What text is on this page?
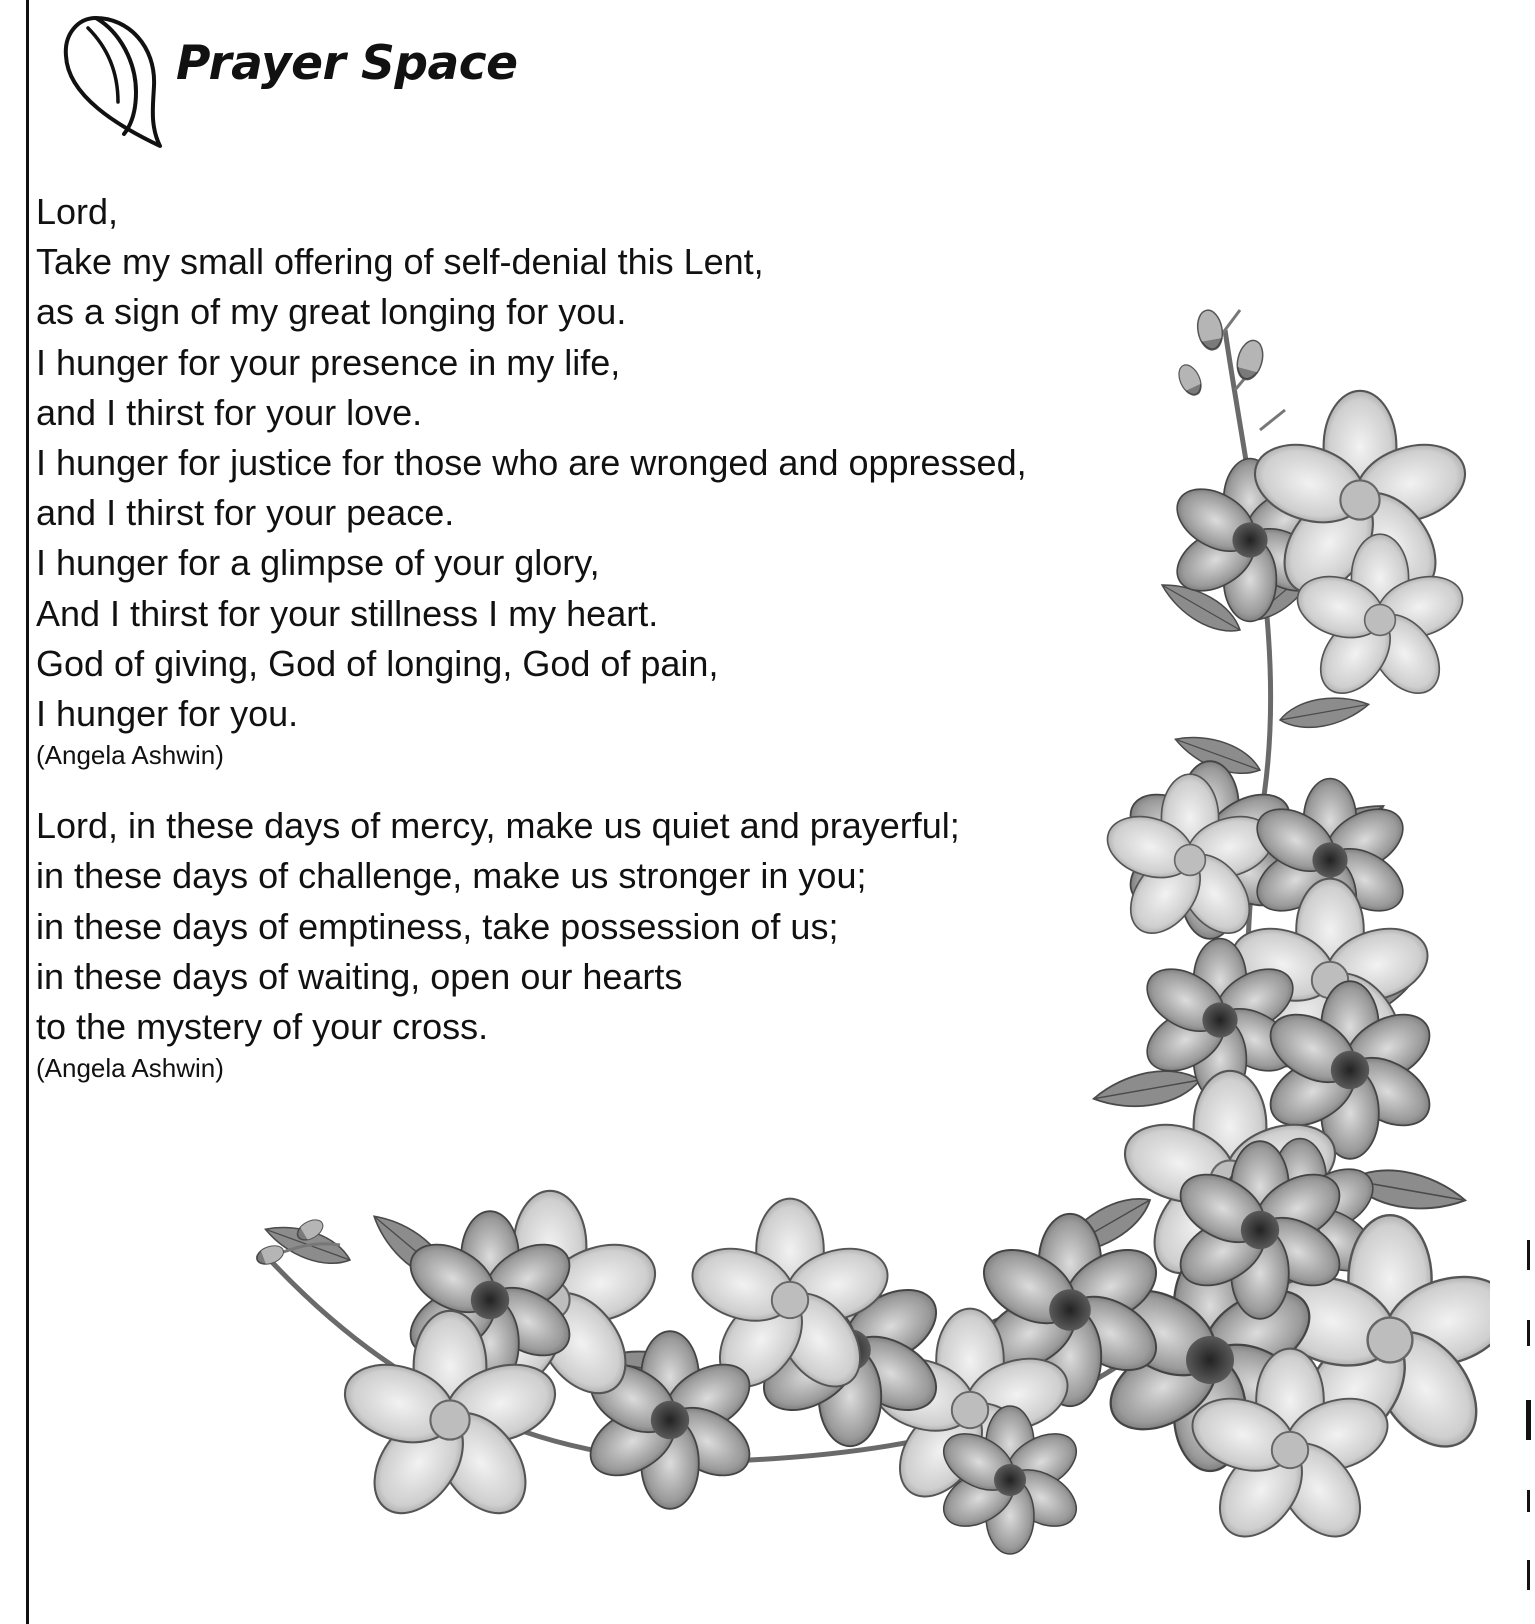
Prayer Space
Lord,
Take my small offering of self-denial this Lent,
as a sign of my great longing for you.
I hunger for your presence in my life,
and I thirst for your love.
I hunger for justice for those who are wronged and oppressed,
and I thirst for your peace.
I hunger for a glimpse of your glory,
And I thirst for your stillness I my heart.
God of giving, God of longing, God of pain,
I hunger for you.
(Angela Ashwin)
Lord, in these days of mercy, make us quiet and prayerful;
in these days of challenge, make us stronger in you;
in these days of emptiness, take possession of us;
in these days of waiting, open our hearts
to the mystery of your cross.
(Angela Ashwin)
